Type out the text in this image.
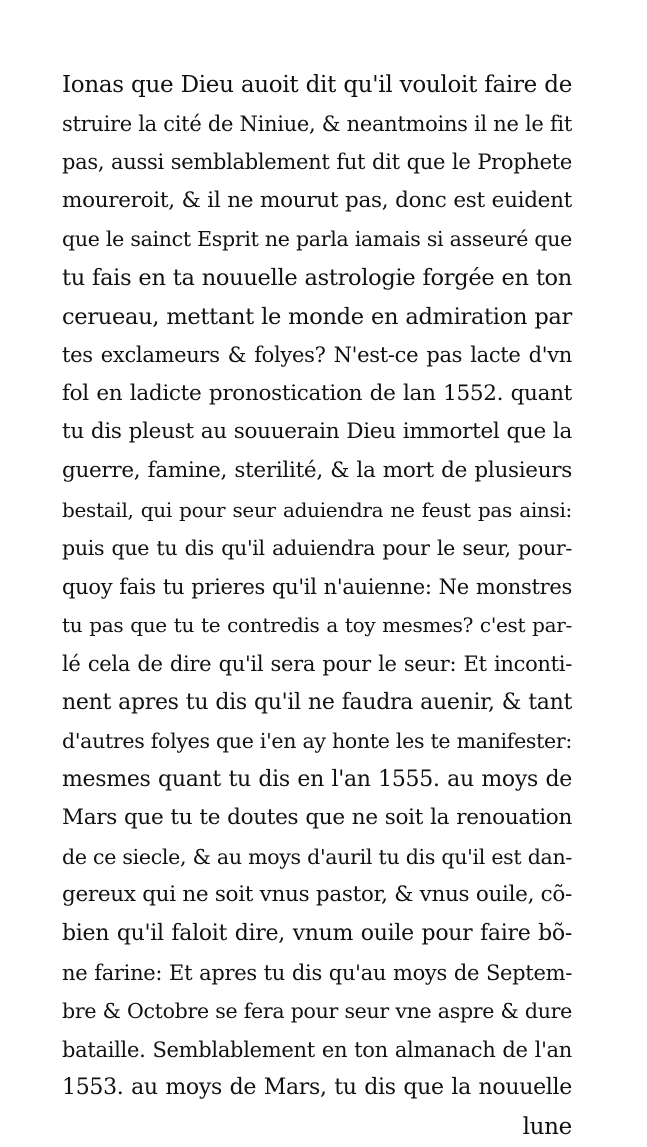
Ionas que Dieu auoit dit qu'il vouloit faire de
struire la cité de Niniue, & neantmoins il ne le fit
pas, aussi semblablement fut dit que le Prophete
moureroit, & il ne mourut pas, donc est euident
que le sainct Esprit ne parla iamais si asseuré que
tu fais en ta nouuelle astrologie forgée en ton
cerueau, mettant le monde en admiration par
tes exclameurs & folyes? N'est-ce pas lacte d'vn
fol en ladicte pronostication de lan 1552. quant
tu dis pleust au souuerain Dieu immortel que la
guerre, famine, sterilité, & la mort de plusieurs
bestail, qui pour seur aduiendra ne feust pas ainsi:
puis que tu dis qu'il aduiendra pour le seur, pour-
quoy fais tu prieres qu'il n'auienne: Ne monstres
tu pas que tu te contredis a toy mesmes? c'est par-
lé cela de dire qu'il sera pour le seur: Et inconti-
nent apres tu dis qu'il ne faudra auenir, & tant
d'autres folyes que i'en ay honte les te manifester:
mesmes quant tu dis en l'an 1555. au moys de
Mars que tu te doutes que ne soit la renouation
de ce siecle, & au moys d'auril tu dis qu'il est dan-
gereux qui ne soit vnus pastor, & vnus ouile, cõ-
bien qu'il faloit dire, vnum ouile pour faire bõ-
ne farine: Et apres tu dis qu'au moys de Septem-
bre & Octobre se fera pour seur vne aspre & dure
bataille. Semblablement en ton almanach de l'an
1553. au moys de Mars, tu dis que la nouuelle
lune
